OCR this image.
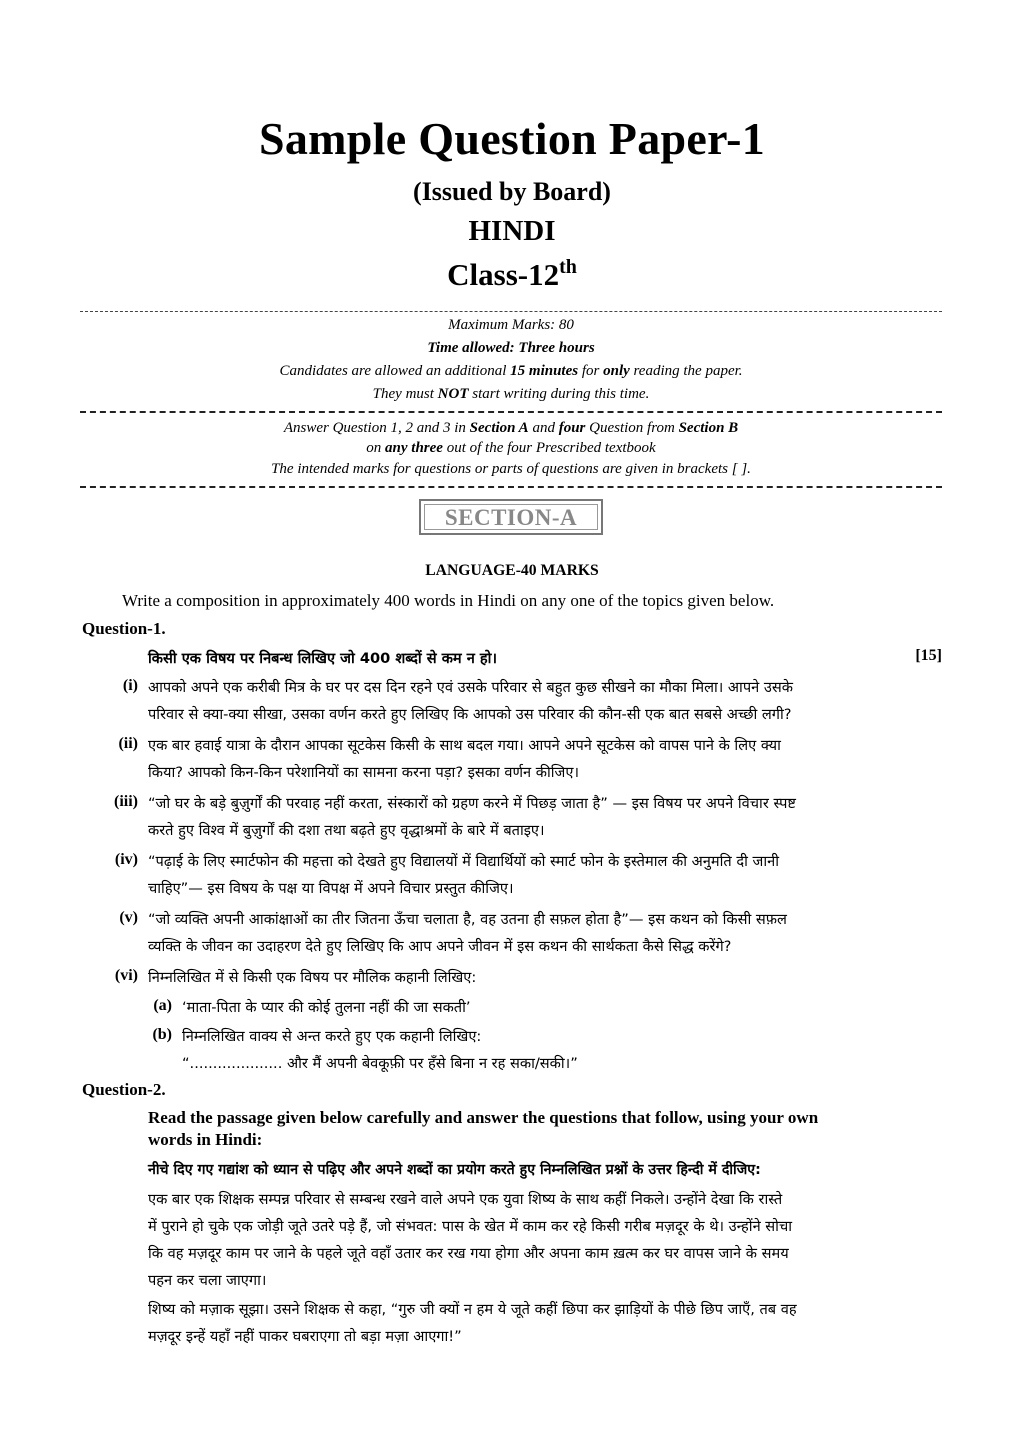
Sample Question Paper-1
(Issued by Board)
HINDI
Class-12th
Maximum Marks: 80
Time allowed: Three hours
Candidates are allowed an additional 15 minutes for only reading the paper.
They must NOT start writing during this time.
Answer Question 1, 2 and 3 in Section A and four Question from Section B
on any three out of the four Prescribed textbook
The intended marks for questions or parts of questions are given in brackets [ ].
SECTION-A
LANGUAGE-40 MARKS
Write a composition in approximately 400 words in Hindi on any one of the topics given below.
Question-1.
किसी एक विषय पर निबन्ध लिखिए जो 400 शब्दों से कम न हो।	[15]
(i) आपको अपने एक करीबी मित्र के घर पर दस दिन रहने एवं उसके परिवार से बहुत कुछ सीखने का मौका मिला। आपने उसके
परिवार से क्या-क्या सीखा, उसका वर्णन करते हुए लिखिए कि आपको उस परिवार की कौन-सी एक बात सबसे अच्छी लगी?
(ii) एक बार हवाई यात्रा के दौरान आपका सूटकेस किसी के साथ बदल गया। आपने अपने सूटकेस को वापस पाने के लिए क्या
किया? आपको किन-किन परेशानियों का सामना करना पड़ा? इसका वर्णन कीजिए।
(iii) “जो घर के बड़े बुज़ुर्गों की परवाह नहीं करता, संस्कारों को ग्रहण करने में पिछड़ जाता है” — इस विषय पर अपने विचार स्पष्ट
करते हुए विश्व में बुज़ुर्गों की दशा तथा बढ़ते हुए वृद्धाश्रमों के बारे में बताइए।
(iv) “पढ़ाई के लिए स्मार्टफोन की महत्ता को देखते हुए विद्यालयों में विद्यार्थियों को स्मार्ट फोन के इस्तेमाल की अनुमति दी जानी
चाहिए”— इस विषय के पक्ष या विपक्ष में अपने विचार प्रस्तुत कीजिए।
(v) “जो व्यक्ति अपनी आकांक्षाओं का तीर जितना ऊँचा चलाता है, वह उतना ही सफ़ल होता है”— इस कथन को किसी सफ़ल
व्यक्ति के जीवन का उदाहरण देते हुए लिखिए कि आप अपने जीवन में इस कथन की सार्थकता कैसे सिद्ध करेंगे?
(vi) निम्नलिखित में से किसी एक विषय पर मौलिक कहानी लिखिए:
(a) ‘माता-पिता के प्यार की कोई तुलना नहीं की जा सकती’
(b) निम्नलिखित वाक्य से अन्त करते हुए एक कहानी लिखिए:
“.................... और मैं अपनी बेवकूफ़ी पर हँसे बिना न रह सका/सकी।”
Question-2.
Read the passage given below carefully and answer the questions that follow, using your own
words in Hindi:
नीचे दिए गए गद्यांश को ध्यान से पढ़िए और अपने शब्दों का प्रयोग करते हुए निम्नलिखित प्रश्नों के उत्तर हिन्दी में दीजिए:
एक बार एक शिक्षक सम्पन्न परिवार से सम्बन्ध रखने वाले अपने एक युवा शिष्य के साथ कहीं निकले। उन्होंने देखा कि रास्ते
में पुराने हो चुके एक जोड़ी जूते उतरे पड़े हैं, जो संभवत: पास के खेत में काम कर रहे किसी गरीब मज़दूर के थे। उन्होंने सोचा
कि वह मज़दूर काम पर जाने के पहले जूते वहाँ उतार कर रख गया होगा और अपना काम ख़त्म कर घर वापस जाने के समय
पहन कर चला जाएगा।
शिष्य को मज़ाक सूझा। उसने शिक्षक से कहा, “गुरु जी क्यों न हम ये जूते कहीं छिपा कर झाड़ियों के पीछे छिप जाएँ, तब वह
मज़दूर इन्हें यहाँ नहीं पाकर घबराएगा तो बड़ा मज़ा आएगा!”
